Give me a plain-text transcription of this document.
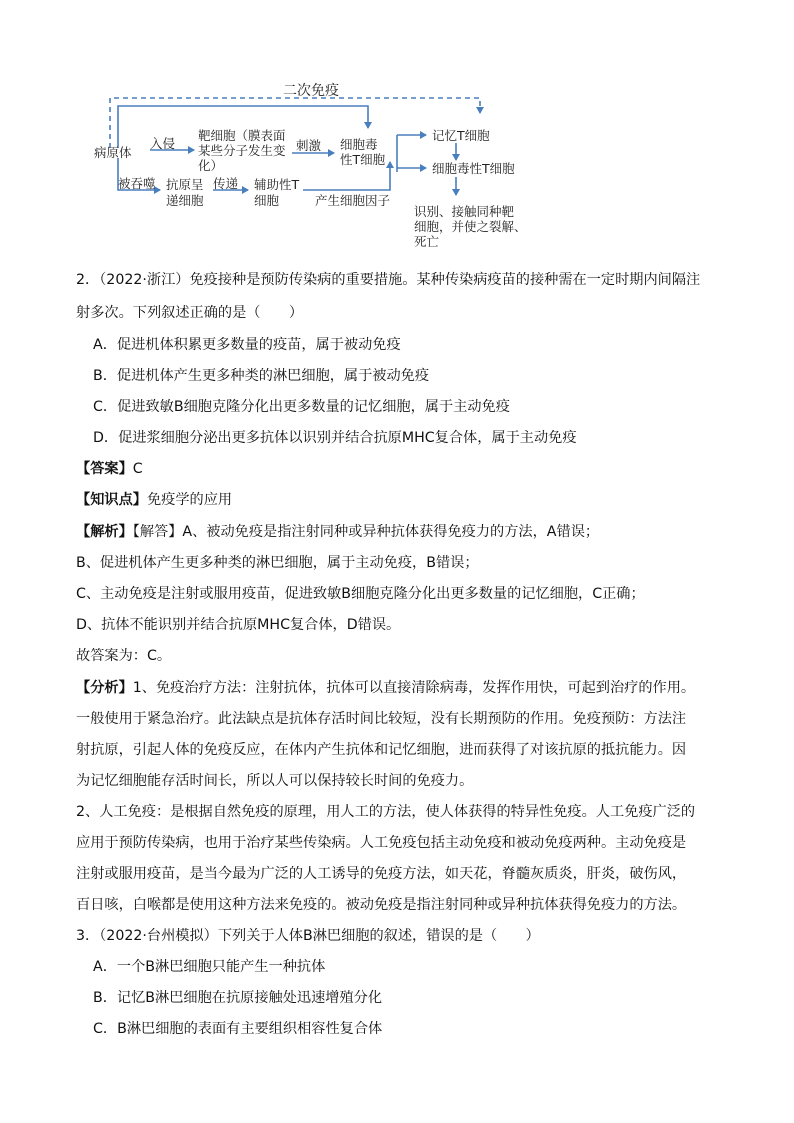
二次免疫
病原体
入侵
靶细胞（膜表面
某些分子发生变
化）
刺激 细胞毒
性T细胞
记忆T细胞
细胞毒性T细胞
识别、接触同种靶
细胞，并使之裂解、
死亡
被吞噬 抗原呈
递细胞
传递 辅助性T
细胞	产生细胞因子
2．（2022·浙江）免疫接种是预防传染病的重要措施。某种传染病疫苗的接种需在一定时期内间隔注
射多次。下列叙述正确的是（　　）
A．促进机体积累更多数量的疫苗，属于被动免疫
B．促进机体产生更多种类的淋巴细胞，属于被动免疫
C．促进致敏B细胞克隆分化出更多数量的记忆细胞，属于主动免疫
D．促进浆细胞分泌出更多抗体以识别并结合抗原MHC复合体，属于主动免疫
【答案】C
【知识点】免疫学的应用
【解析】【解答】A、被动免疫是指注射同种或异种抗体获得免疫力的方法，A错误；
B、促进机体产生更多种类的淋巴细胞，属于主动免疫，B错误；
C、主动免疫是注射或服用疫苗，促进致敏B细胞克隆分化出更多数量的记忆细胞，C正确；
D、抗体不能识别并结合抗原MHC复合体，D错误。
故答案为：C。
【分析】1、免疫治疗方法：注射抗体，抗体可以直接清除病毒，发挥作用快，可起到治疗的作用。
一般使用于紧急治疗。此法缺点是抗体存活时间比较短，没有长期预防的作用。免疫预防：方法注
射抗原，引起人体的免疫反应，在体内产生抗体和记忆细胞，进而获得了对该抗原的抵抗能力。因
为记忆细胞能存活时间长，所以人可以保持较长时间的免疫力。
2、人工免疫：是根据自然免疫的原理，用人工的方法，使人体获得的特异性免疫。人工免疫广泛的
应用于预防传染病，也用于治疗某些传染病。人工免疫包括主动免疫和被动免疫两种。主动免疫是
注射或服用疫苗，是当今最为广泛的人工诱导的免疫方法，如天花，脊髓灰质炎，肝炎，破伤风，
百日咳，白喉都是使用这种方法来免疫的。被动免疫是指注射同种或异种抗体获得免疫力的方法。
3．（2022·台州模拟）下列关于人体B淋巴细胞的叙述，错误的是（　　）
A．一个B淋巴细胞只能产生一种抗体
B．记忆B淋巴细胞在抗原接触处迅速增殖分化
C．B淋巴细胞的表面有主要组织相容性复合体
